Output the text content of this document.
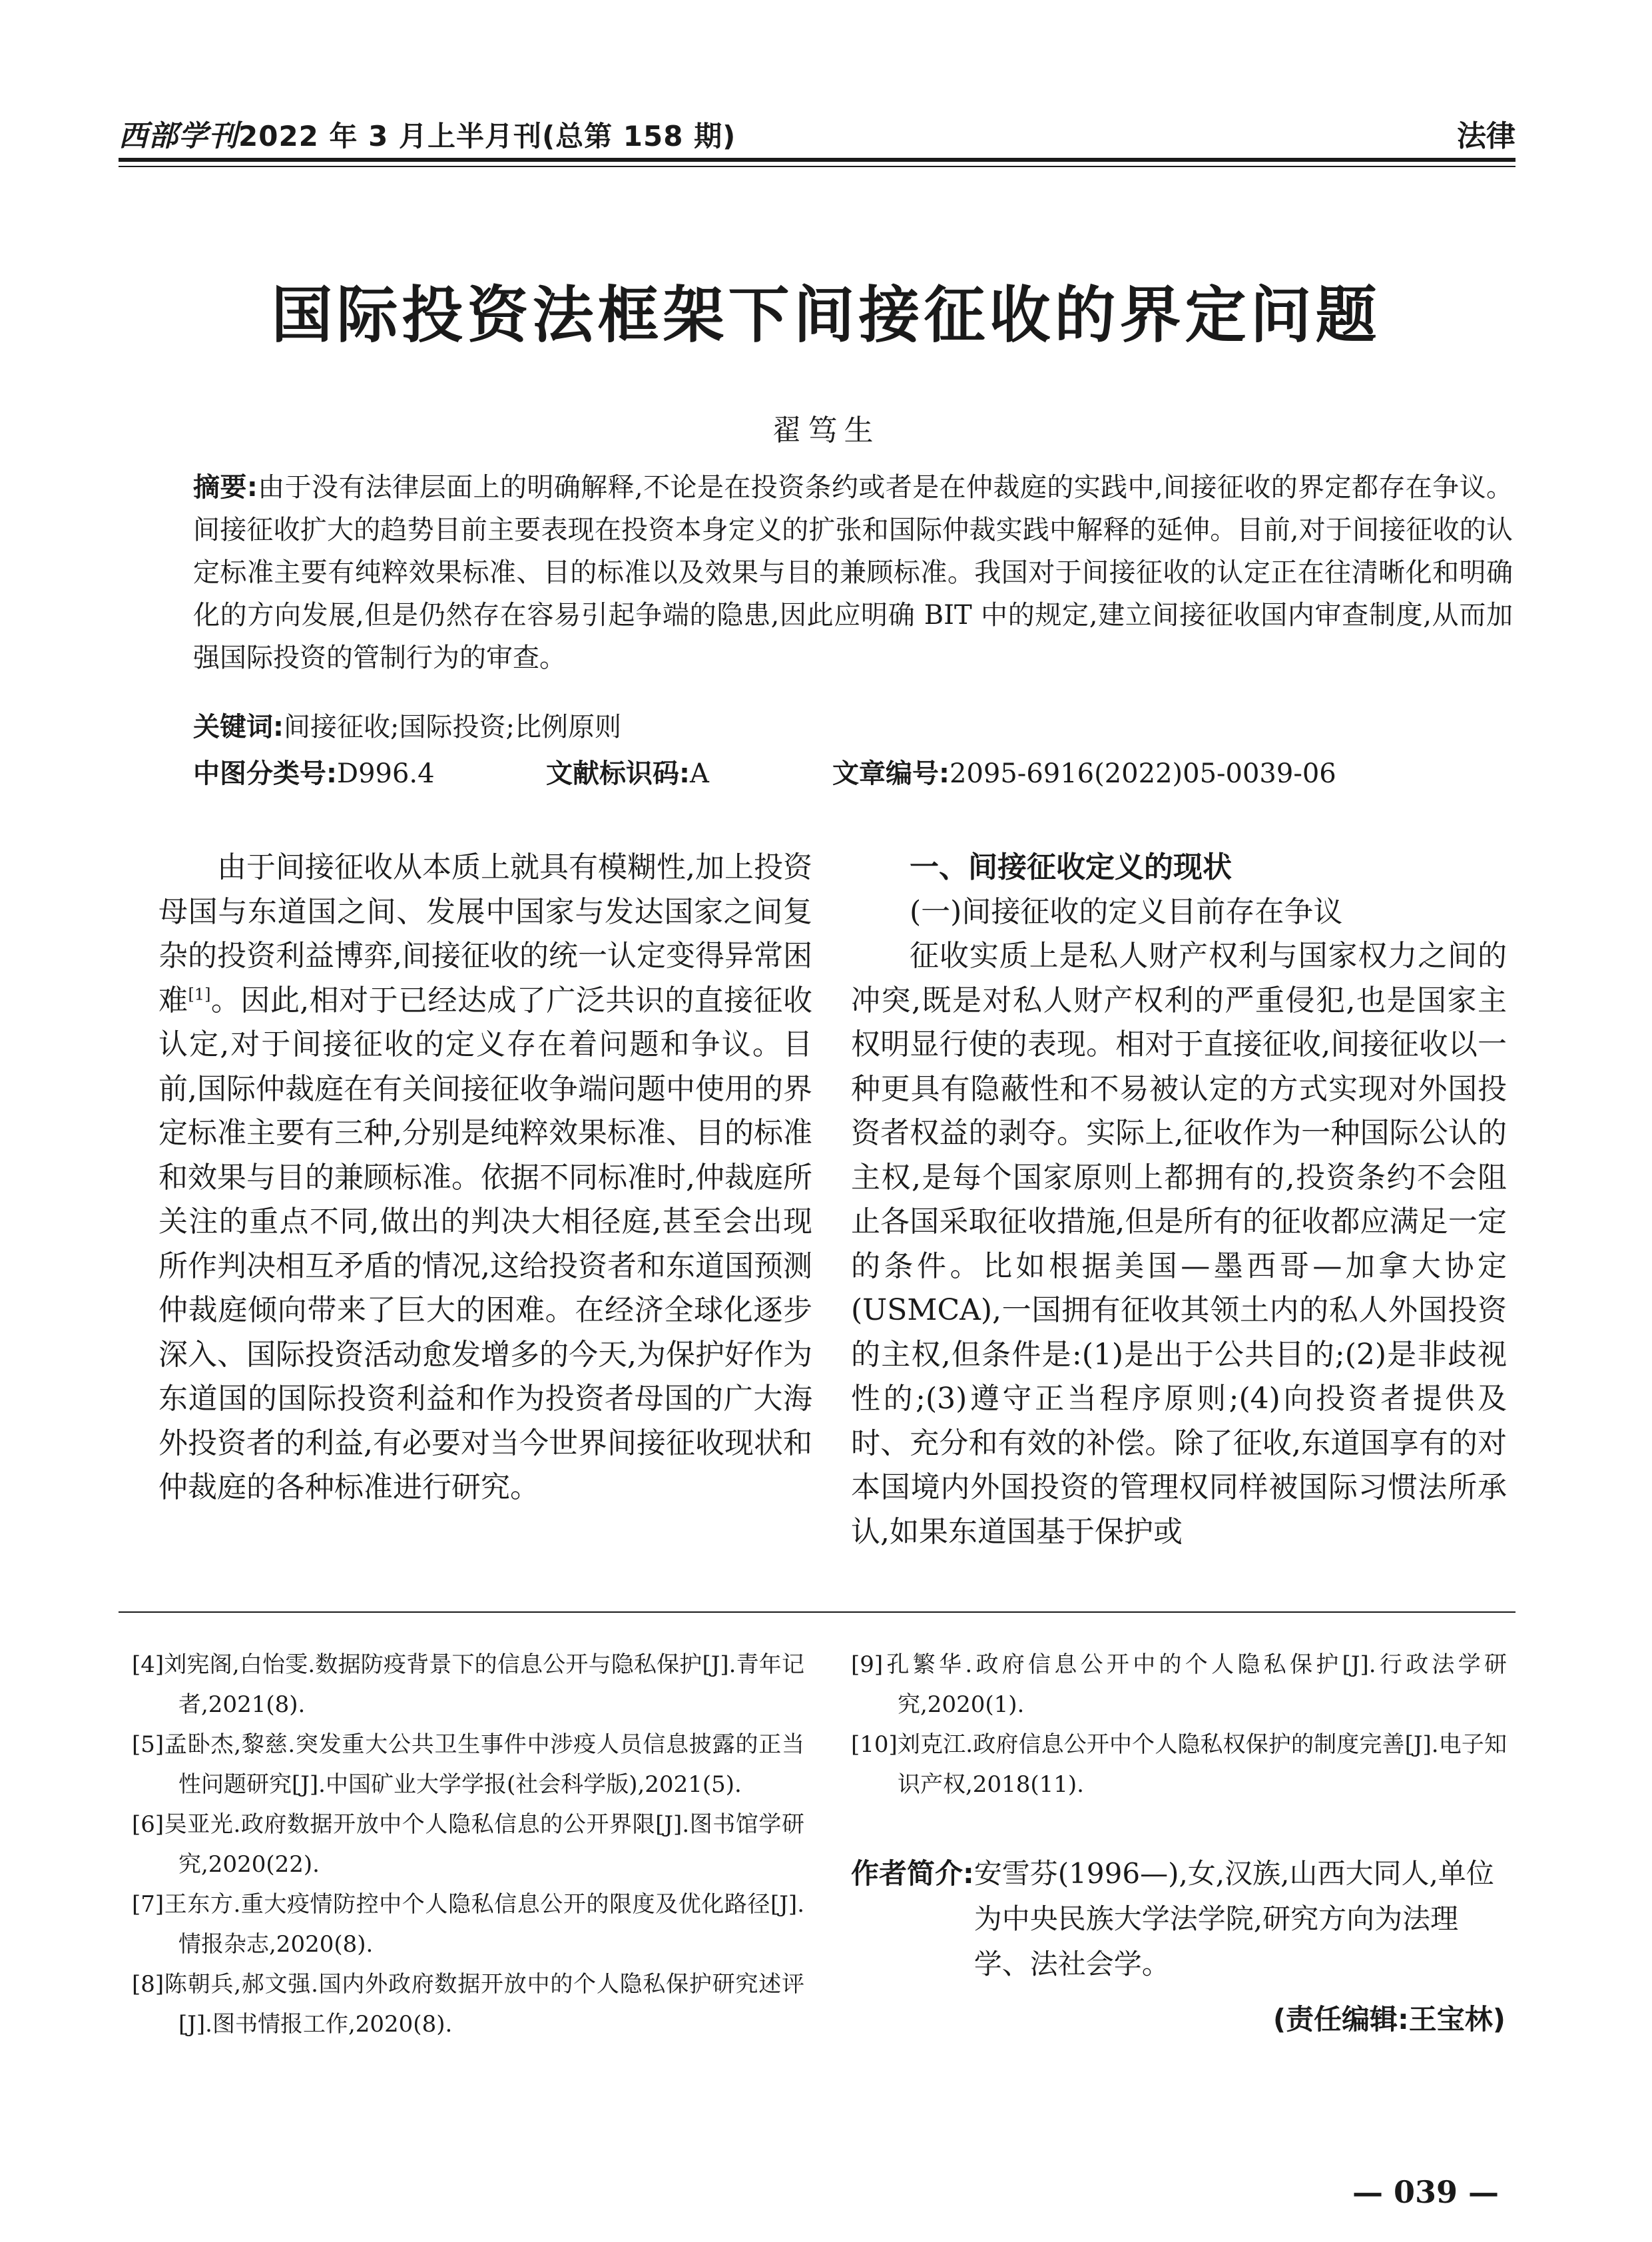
西部学刊2022 年 3 月上半月刊(总第 158 期)	法律
国际投资法框架下间接征收的界定问题
翟笃生
摘要:由于没有法律层面上的明确解释,不论是在投资条约或者是在仲裁庭的实践中,间接征收的界定都存在争议。间接征收扩大的趋势目前主要表现在投资本身定义的扩张和国际仲裁实践中解释的延伸。目前,对于间接征收的认定标准主要有纯粹效果标准、目的标准以及效果与目的兼顾标准。我国对于间接征收的认定正在往清晰化和明确化的方向发展,但是仍然存在容易引起争端的隐患,因此应明确 BIT 中的规定,建立间接征收国内审查制度,从而加强国际投资的管制行为的审查。
关键词:间接征收;国际投资;比例原则
中图分类号:D996.4	文献标识码:A	文章编号:2095-6916(2022)05-0039-06

由于间接征收从本质上就具有模糊性,加上投资母国与东道国之间、发展中国家与发达国家之间复杂的投资利益博弈,间接征收的统一认定变得异常困难[1]。因此,相对于已经达成了广泛共识的直接征收认定,对于间接征收的定义存在着问题和争议。目前,国际仲裁庭在有关间接征收争端问题中使用的界定标准主要有三种,分别是纯粹效果标准、目的标准和效果与目的兼顾标准。依据不同标准时,仲裁庭所关注的重点不同,做出的判决大相径庭,甚至会出现所作判决相互矛盾的情况,这给投资者和东道国预测仲裁庭倾向带来了巨大的困难。在经济全球化逐步深入、国际投资活动愈发增多的今天,为保护好作为东道国的国际投资利益和作为投资者母国的广大海外投资者的利益,有必要对当今世界间接征收现状和仲裁庭的各种标准进行研究。

一、间接征收定义的现状

(一)间接征收的定义目前存在争议

征收实质上是私人财产权利与国家权力之间的冲突,既是对私人财产权利的严重侵犯,也是国家主权明显行使的表现。相对于直接征收,间接征收以一种更具有隐蔽性和不易被认定的方式实现对外国投资者权益的剥夺。实际上,征收作为一种国际公认的主权,是每个国家原则上都拥有的,投资条约不会阻止各国采取征收措施,但是所有的征收都应满足一定的条件。比如根据美国—墨西哥—加拿大协定(USMCA),一国拥有征收其领土内的私人外国投资的主权,但条件是:(1)是出于公共目的;(2)是非歧视性的;(3)遵守正当程序原则;(4)向投资者提供及时、充分和有效的补偿。除了征收,东道国享有的对本国境内外国投资的管理权同样被国际习惯法所承认,如果东道国基于保护或

[4]刘宪阁,白怡雯.数据防疫背景下的信息公开与隐私保护[J].青年记者,2021(8).

[5]孟卧杰,黎慈.突发重大公共卫生事件中涉疫人员信息披露的正当性问题研究[J].中国矿业大学学报(社会科学版),2021(5).

[6]吴亚光.政府数据开放中个人隐私信息的公开界限[J].图书馆学研究,2020(22).

[7]王东方.重大疫情防控中个人隐私信息公开的限度及优化路径[J].情报杂志,2020(8).

[8]陈朝兵,郝文强.国内外政府数据开放中的个人隐私保护研究述评[J].图书情报工作,2020(8).

[9]孔繁华.政府信息公开中的个人隐私保护[J].行政法学研究,2020(1).

[10]刘克江.政府信息公开中个人隐私权保护的制度完善[J].电子知识产权,2018(11).

作者简介: 安雪芬(1996—),女,汉族,山西大同人,单位为中央民族大学法学院,研究方向为法理学、法社会学。
(责任编辑:王宝林)
— 039 —
